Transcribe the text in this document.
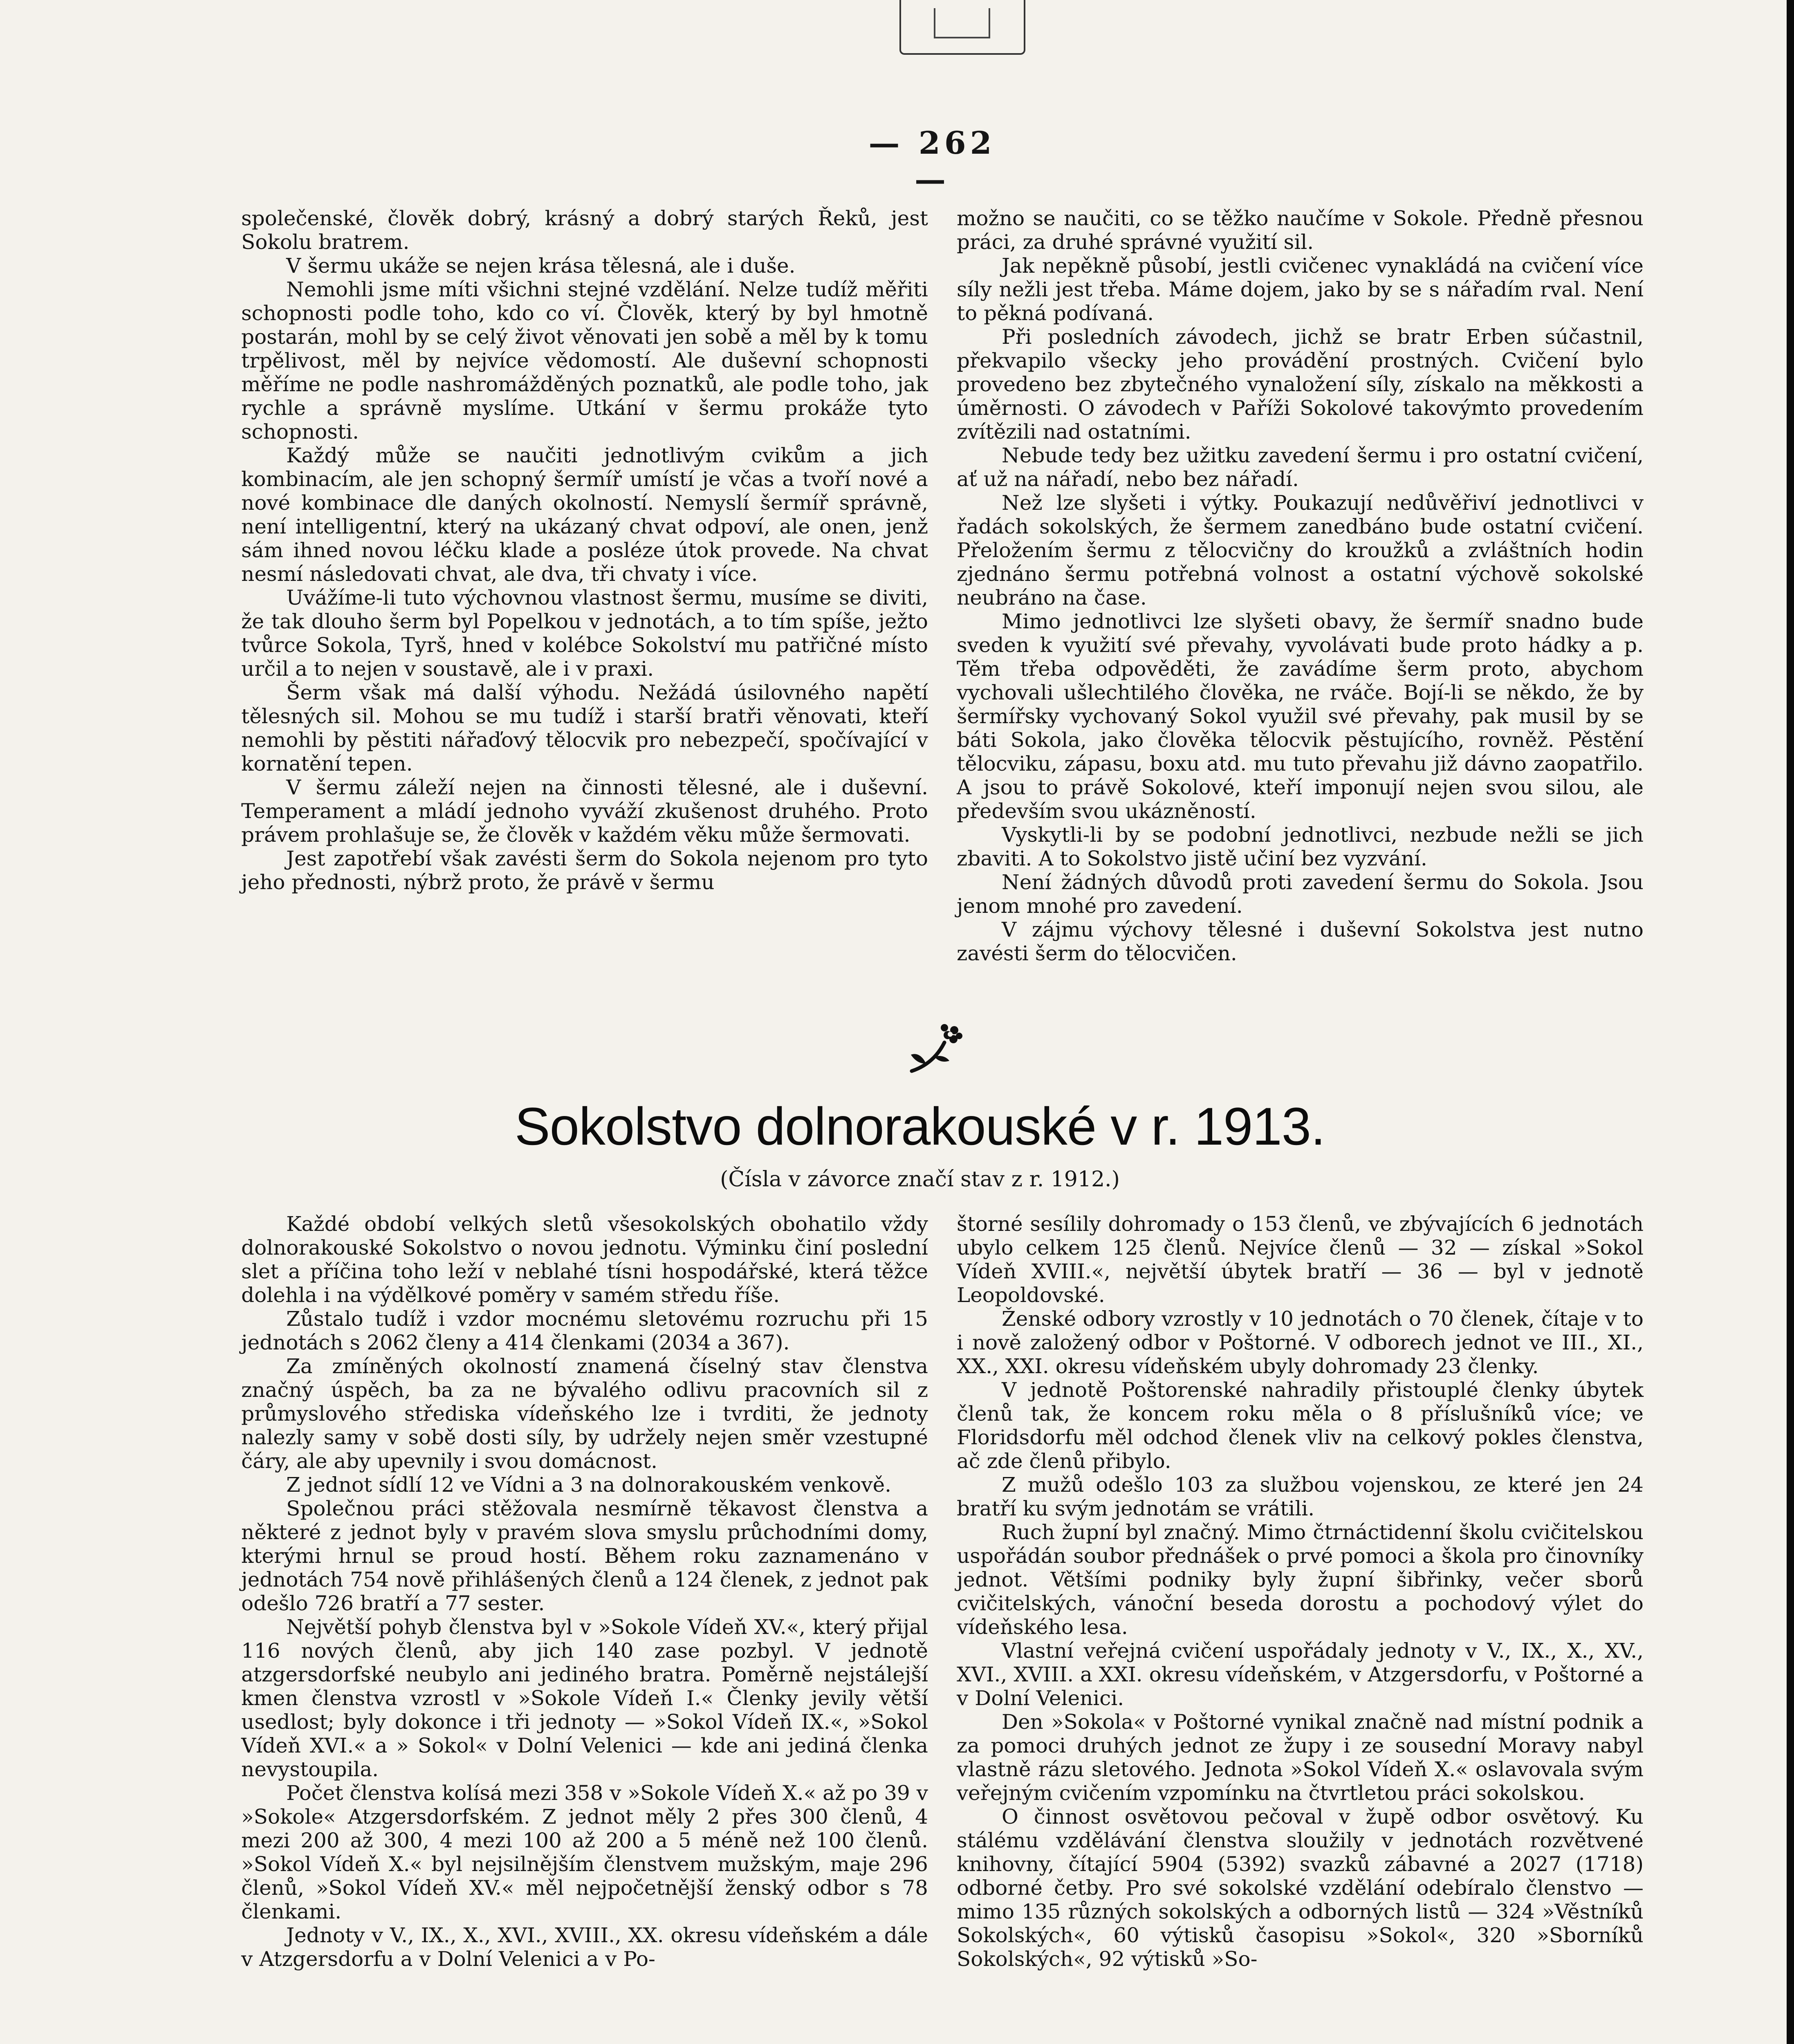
— 262 —

společenské, člověk dobrý, krásný a dobrý starých Řeků, jest Sokolu bratrem.

V šermu ukáže se nejen krása tělesná, ale i duše.

Nemohli jsme míti všichni stejné vzdělání. Nelze tudíž měřiti schopnosti podle toho, kdo co ví. Člověk, který by byl hmotně postarán, mohl by se celý život věnovati jen sobě a měl by k tomu trpělivost, měl by nejvíce vědomostí. Ale duševní schopnosti měříme ne podle nashromážděných poznatků, ale podle toho, jak rychle a správně myslíme. Utkání v šermu prokáže tyto schopnosti.

Každý může se naučiti jednotlivým cvikům a jich kombinacím, ale jen schopný šermíř umístí je včas a tvoří nové a nové kombinace dle daných okolností. Nemyslí šermíř správně, není intelligentní, který na ukázaný chvat odpoví, ale onen, jenž sám ihned novou léčku klade a posléze útok provede. Na chvat nesmí následovati chvat, ale dva, tři chvaty i více.

Uvážíme-li tuto výchovnou vlastnost šermu, musíme se diviti, že tak dlouho šerm byl Popelkou v jednotách, a to tím spíše, ježto tvůrce Sokola, Tyrš, hned v kolébce Sokolství mu patřičné místo určil a to nejen v soustavě, ale i v praxi.

Šerm však má další výhodu. Nežádá úsilovného napětí tělesných sil. Mohou se mu tudíž i starší bratři věnovati, kteří nemohli by pěstiti nářaďový tělocvik pro nebezpečí, spočívající v kornatění tepen.

V šermu záleží nejen na činnosti tělesné, ale i duševní. Temperament a mládí jednoho vyváží zkušenost druhého. Proto právem prohlašuje se, že člověk v každém věku může šermovati.

Jest zapotřebí však zavésti šerm do Sokola nejenom pro tyto jeho přednosti, nýbrž proto, že právě v šermu

možno se naučiti, co se těžko naučíme v Sokole. Předně přesnou práci, za druhé správné využití sil.

Jak nepěkně působí, jestli cvičenec vynakládá na cvičení více síly nežli jest třeba. Máme dojem, jako by se s nářadím rval. Není to pěkná podívaná.

Při posledních závodech, jichž se bratr Erben súčastnil, překvapilo všecky jeho provádění prostných. Cvičení bylo provedeno bez zbytečného vynaložení síly, získalo na měkkosti a úměrnosti. O závodech v Paříži Sokolové takovýmto provedením zvítězili nad ostatními.

Nebude tedy bez užitku zavedení šermu i pro ostatní cvičení, ať už na nářadí, nebo bez nářadí.

Než lze slyšeti i výtky. Poukazují nedůvěřiví jednotlivci v řadách sokolských, že šermem zanedbáno bude ostatní cvičení. Přeložením šermu z tělocvičny do kroužků a zvláštních hodin zjednáno šermu potřebná volnost a ostatní výchově sokolské neubráno na čase.

Mimo jednotlivci lze slyšeti obavy, že šermíř snadno bude sveden k využití své převahy, vyvolávati bude proto hádky a p. Těm třeba odpověděti, že zavádíme šerm proto, abychom vychovali ušlechtilého člověka, ne rváče. Bojí-li se někdo, že by šermířsky vychovaný Sokol využil své převahy, pak musil by se báti Sokola, jako člověka tělocvik pěstujícího, rovněž. Pěstění tělocviku, zápasu, boxu atd. mu tuto převahu již dávno zaopatřilo. A jsou to právě Sokolové, kteří imponují nejen svou silou, ale především svou ukázněností.

Vyskytli-li by se podobní jednotlivci, nezbude nežli se jich zbaviti. A to Sokolstvo jistě učiní bez vyzvání.

Není žádných důvodů proti zavedení šermu do Sokola. Jsou jenom mnohé pro zavedení.

V zájmu výchovy tělesné i duševní Sokolstva jest nutno zavésti šerm do tělocvičen.

Sokolstvo dolnorakouské v r. 1913.
(Čísla v závorce značí stav z r. 1912.)

Každé období velkých sletů všesokolských obohatilo vždy dolnorakouské Sokolstvo o novou jednotu. Výminku činí poslední slet a příčina toho leží v neblahé tísni hospodářské, která těžce dolehla i na výdělkové poměry v samém středu říše.

Zůstalo tudíž i vzdor mocnému sletovému rozruchu při 15 jednotách s 2062 členy a 414 členkami (2034 a 367).

Za zmíněných okolností znamená číselný stav členstva značný úspěch, ba za ne bývalého odlivu pracovních sil z průmyslového střediska vídeňského lze i tvrditi, že jednoty nalezly samy v sobě dosti síly, by udržely nejen směr vzestupné čáry, ale aby upevnily i svou domácnost.

Z jednot sídlí 12 ve Vídni a 3 na dolnorakouském venkově.

Společnou práci stěžovala nesmírně těkavost členstva a některé z jednot byly v pravém slova smyslu průchodními domy, kterými hrnul se proud hostí. Během roku zaznamenáno v jednotách 754 nově přihlášených členů a 124 členek, z jednot pak odešlo 726 bratří a 77 sester.

Největší pohyb členstva byl v »Sokole Vídeň XV.«, který přijal 116 nových členů, aby jich 140 zase pozbyl. V jednotě atzgersdorfské neubylo ani jediného bratra. Poměrně nejstálejší kmen členstva vzrostl v »Sokole Vídeň I.« Členky jevily větší usedlost; byly dokonce i tři jednoty — »Sokol Vídeň IX.«, »Sokol Vídeň XVI.« a » Sokol« v Dolní Velenici — kde ani jediná členka nevystoupila.

Počet členstva kolísá mezi 358 v »Sokole Vídeň X.« až po 39 v »Sokole« Atzgersdorfském. Z jednot měly 2 přes 300 členů, 4 mezi 200 až 300, 4 mezi 100 až 200 a 5 méně než 100 členů. »Sokol Vídeň X.« byl nejsilnějším členstvem mužským, maje 296 členů, »Sokol Vídeň XV.« měl nejpočetnější ženský odbor s 78 členkami.

Jednoty v V., IX., X., XVI., XVIII., XX. okresu vídeňském a dále v Atzgersdorfu a v Dolní Velenici a v Po-

štorné sesílily dohromady o 153 členů, ve zbývajících 6 jednotách ubylo celkem 125 členů. Nejvíce členů — 32 — získal »Sokol Vídeň XVIII.«, největší úbytek bratří — 36 — byl v jednotě Leopoldovské.

Ženské odbory vzrostly v 10 jednotách o 70 členek, čítaje v to i nově založený odbor v Poštorné. V odborech jednot ve III., XI., XX., XXI. okresu vídeňském ubyly dohromady 23 členky.

V jednotě Poštorenské nahradily přistouplé členky úbytek členů tak, že koncem roku měla o 8 příslušníků více; ve Floridsdorfu měl odchod členek vliv na celkový pokles členstva, ač zde členů přibylo.

Z mužů odešlo 103 za službou vojenskou, ze které jen 24 bratří ku svým jednotám se vrátili.

Ruch župní byl značný. Mimo čtrnáctidenní školu cvičitelskou uspořádán soubor přednášek o prvé pomoci a škola pro činovníky jednot. Většími podniky byly župní šibřinky, večer sborů cvičitelských, vánoční beseda dorostu a pochodový výlet do vídeňského lesa.

Vlastní veřejná cvičení uspořádaly jednoty v V., IX., X., XV., XVI., XVIII. a XXI. okresu vídeňském, v Atzgersdorfu, v Poštorné a v Dolní Velenici.

Den »Sokola« v Poštorné vynikal značně nad místní podnik a za pomoci druhých jednot ze župy i ze sousední Moravy nabyl vlastně rázu sletového. Jednota »Sokol Vídeň X.« oslavovala svým veřejným cvičením vzpomínku na čtvrtletou práci sokolskou.

O činnost osvětovou pečoval v župě odbor osvětový. Ku stálému vzdělávání členstva sloužily v jednotách rozvětvené knihovny, čítající 5904 (5392) svazků zábavné a 2027 (1718) odborné četby. Pro své sokolské vzdělání odebíralo členstvo — mimo 135 různých sokolských a odborných listů — 324 »Věstníků Sokolských«, 60 výtisků časopisu »Sokol«, 320 »Sborníků Sokolských«, 92 výtisků »So-
